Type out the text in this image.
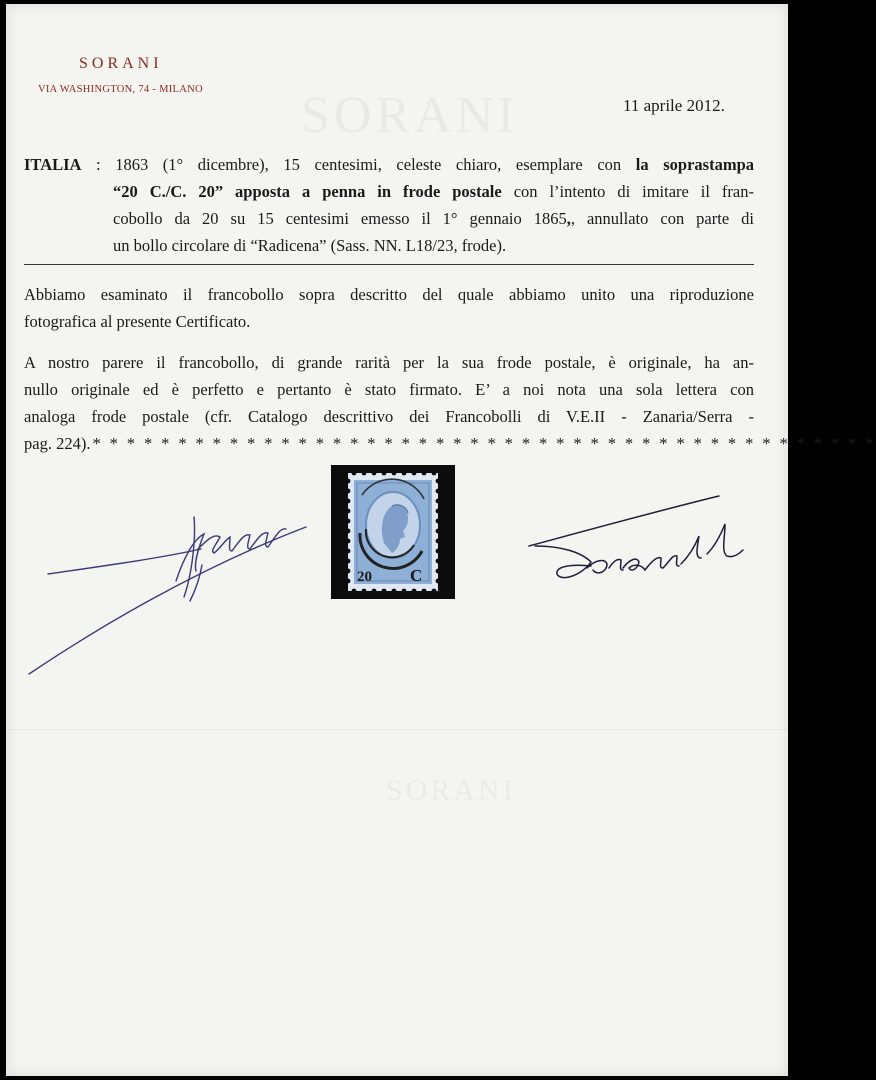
SORANI
VIA WASHINGTON, 74 - MILANO
11 aprile 2012.
ITALIA : 1863 (1° dicembre), 15 centesimi, celeste chiaro, esemplare con la soprastampa
“20 C./C. 20” apposta a penna in frode postale con l’intento di imitare il fran-
cobollo da 20 su 15 centesimi emesso il 1° gennaio 1865,, annullato con parte di
un bollo circolare di “Radicena” (Sass. NN. L18/23, frode).
Abbiamo esaminato il francobollo sopra descritto del quale abbiamo unito una riproduzione
fotografica al presente Certificato.
A nostro parere il francobollo, di grande rarità per la sua frode postale, è originale, ha an-
nullo originale ed è perfetto e pertanto è stato firmato. E’ a noi nota una sola lettera con
analoga frode postale (cfr. Catalogo descrittivo dei Francobolli di V.E.II - Zanaria/Serra -
pag. 224). * * * * * * * * * * * * * * * * * * * * * * * * * * * * * * * * * * * * * * * * * * * * * *
20 C
